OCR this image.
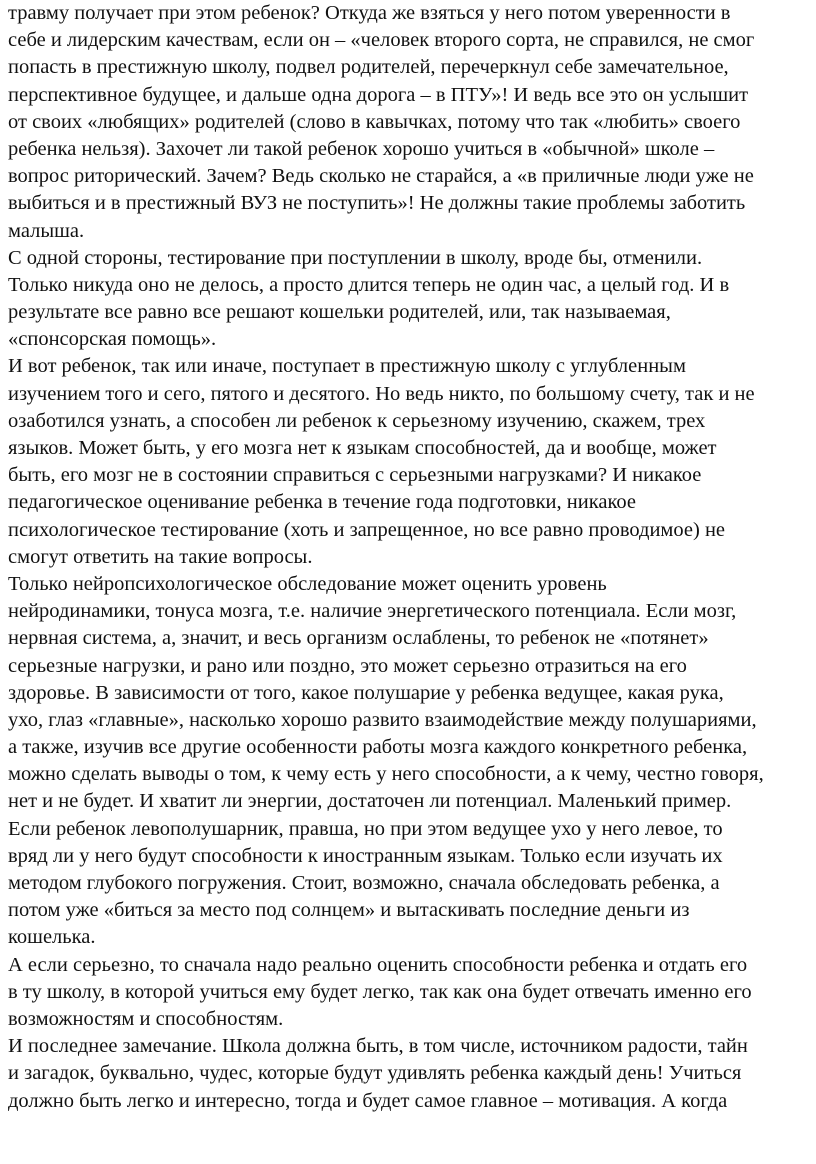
травму получает при этом ребенок? Откуда же взяться у него потом уверенности в
себе и лидерским качествам, если он – «человек второго сорта, не справился, не смог
попасть в престижную школу, подвел родителей, перечеркнул себе замечательное,
перспективное будущее, и дальше одна дорога – в ПТУ»! И ведь все это он услышит
от своих «любящих» родителей (слово в кавычках, потому что так «любить» своего
ребенка нельзя). Захочет ли такой ребенок хорошо учиться в «обычной» школе –
вопрос риторический. Зачем? Ведь сколько не старайся, а «в приличные люди уже не
выбиться и в престижный ВУЗ не поступить»! Не должны такие проблемы заботить
малыша.
С одной стороны, тестирование при поступлении в школу, вроде бы, отменили.
Только никуда оно не делось, а просто длится теперь не один час, а целый год. И в
результате все равно все решают кошельки родителей, или, так называемая,
«спонсорская помощь».
И вот ребенок, так или иначе, поступает в престижную школу с углубленным
изучением того и сего, пятого и десятого. Но ведь никто, по большому счету, так и не
озаботился узнать, а способен ли ребенок к серьезному изучению, скажем, трех
языков. Может быть, у его мозга нет к языкам способностей, да и вообще, может
быть, его мозг не в состоянии справиться с серьезными нагрузками? И никакое
педагогическое оценивание ребенка в течение года подготовки, никакое
психологическое тестирование (хоть и запрещенное, но все равно проводимое) не
смогут ответить на такие вопросы.
Только нейропсихологическое обследование может оценить уровень
нейродинамики, тонуса мозга, т.е. наличие энергетического потенциала. Если мозг,
нервная система, а, значит, и весь организм ослаблены, то ребенок не «потянет»
серьезные нагрузки, и рано или поздно, это может серьезно отразиться на его
здоровье. В зависимости от того, какое полушарие у ребенка ведущее, какая рука,
ухо, глаз «главные», насколько хорошо развито взаимодействие между полушариями,
а также, изучив все другие особенности работы мозга каждого конкретного ребенка,
можно сделать выводы о том, к чему есть у него способности, а к чему, честно говоря,
нет и не будет. И хватит ли энергии, достаточен ли потенциал. Маленький пример.
Если ребенок левополушарник, правша, но при этом ведущее ухо у него левое, то
вряд ли у него будут способности к иностранным языкам. Только если изучать их
методом глубокого погружения. Стоит, возможно, сначала обследовать ребенка, а
потом уже «биться за место под солнцем» и вытаскивать последние деньги из
кошелька.
А если серьезно, то сначала надо реально оценить способности ребенка и отдать его
в ту школу, в которой учиться ему будет легко, так как она будет отвечать именно его
возможностям и способностям.
И последнее замечание. Школа должна быть, в том числе, источником радости, тайн
и загадок, буквально, чудес, которые будут удивлять ребенка каждый день! Учиться
должно быть легко и интересно, тогда и будет самое главное – мотивация. А когда
